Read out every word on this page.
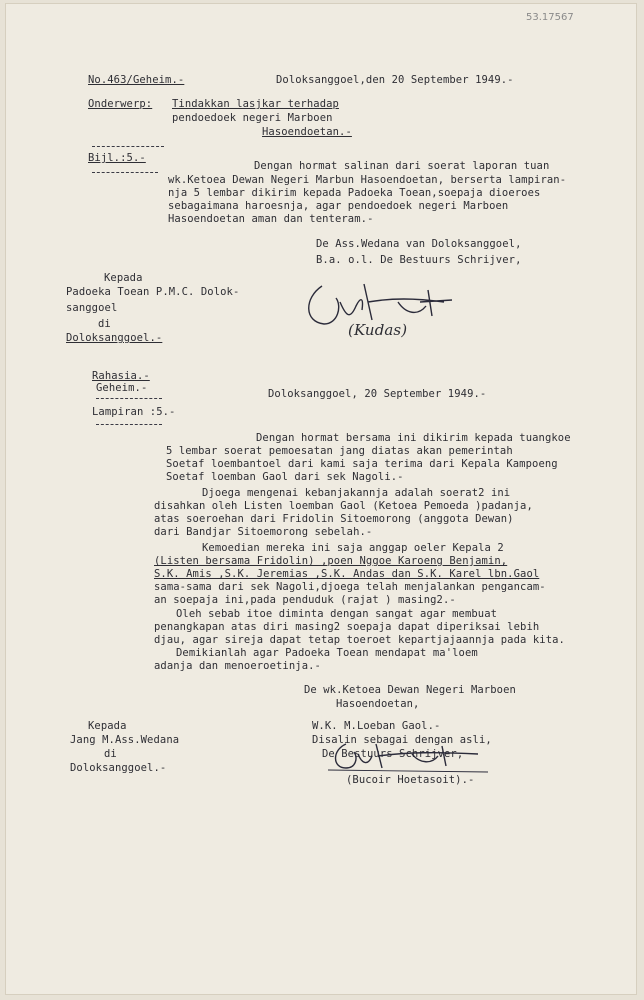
53.17567
No.463/Geheim.-	Doloksanggoel,den 20 September 1949.-
Onderwerp: Tindakkan lasjkar terhadap
pendoedoek negeri Marboen
Hasoendoetan.-
Bijl.:5.-
Dengan hormat salinan dari soerat laporan tuan
wk.Ketoea Dewan Negeri Marbun Hasoendoetan, berserta lampiran-
nja 5 lembar dikirim kepada Padoeka Toean,soepaja dioeroes
sebagaimana haroesnja, agar pendoedoek negeri Marboen
Hasoendoetan aman dan tenteram.-
De Ass.Wedana van Doloksanggoel,
B.a. o.l. De Bestuurs Schrijver,
(Kudas)
Kepada
Padoeka Toean P.M.C. Dolok-
sanggoel
di
Doloksanggoel.-
Rahasia.-
Geheim.-
Lampiran :5.-
Doloksanggoel, 20 September 1949.-
Dengan hormat bersama ini dikirim kepada tuangkoe
5 lembar soerat pemoesatan jang diatas akan pemerintah
Soetaf loembantoel dari kami saja terima dari Kepala Kampoeng
Soetaf loemban Gaol dari sek Nagoli.-
Djoega mengenai kebanjakannja adalah soerat2 ini
disahkan oleh Listen loemban Gaol (Ketoea Pemoeda )padanja,
atas soeroehan dari Fridolin Sitoemorong (anggota Dewan)
dari Bandjar Sitoemorong sebelah.-
Kemoedian mereka ini saja anggap oeler Kepala 2
(Listen bersama Fridolin) ,poen Nggoe Karoeng Benjamin,
S.K. Amis ,S.K. Jeremias ,S.K. Andas dan S.K. Karel lbn.Gaol
sama-sama dari sek Nagoli,djoega telah menjalankan pengancam-
an soepaja ini,pada penduduk (rajat ) masing2.-
Oleh sebab itoe diminta dengan sangat agar membuat
penangkapan atas diri masing2 soepaja dapat diperiksai lebih
djau, agar sireja dapat tetap toeroet kepartjajaannja pada kita.
Demikianlah agar Padoeka Toean mendapat ma'loem
adanja dan menoeroetinja.-
De wk.Ketoea Dewan Negeri Marboen
Hasoendoetan,
W.K. M.Loeban Gaol.-
Disalin sebagai dengan asli,
De Bestuurs Schrijver,
(Bucoir Hoetasoit).-
Kepada
Jang M.Ass.Wedana
di
Doloksanggoel.-
